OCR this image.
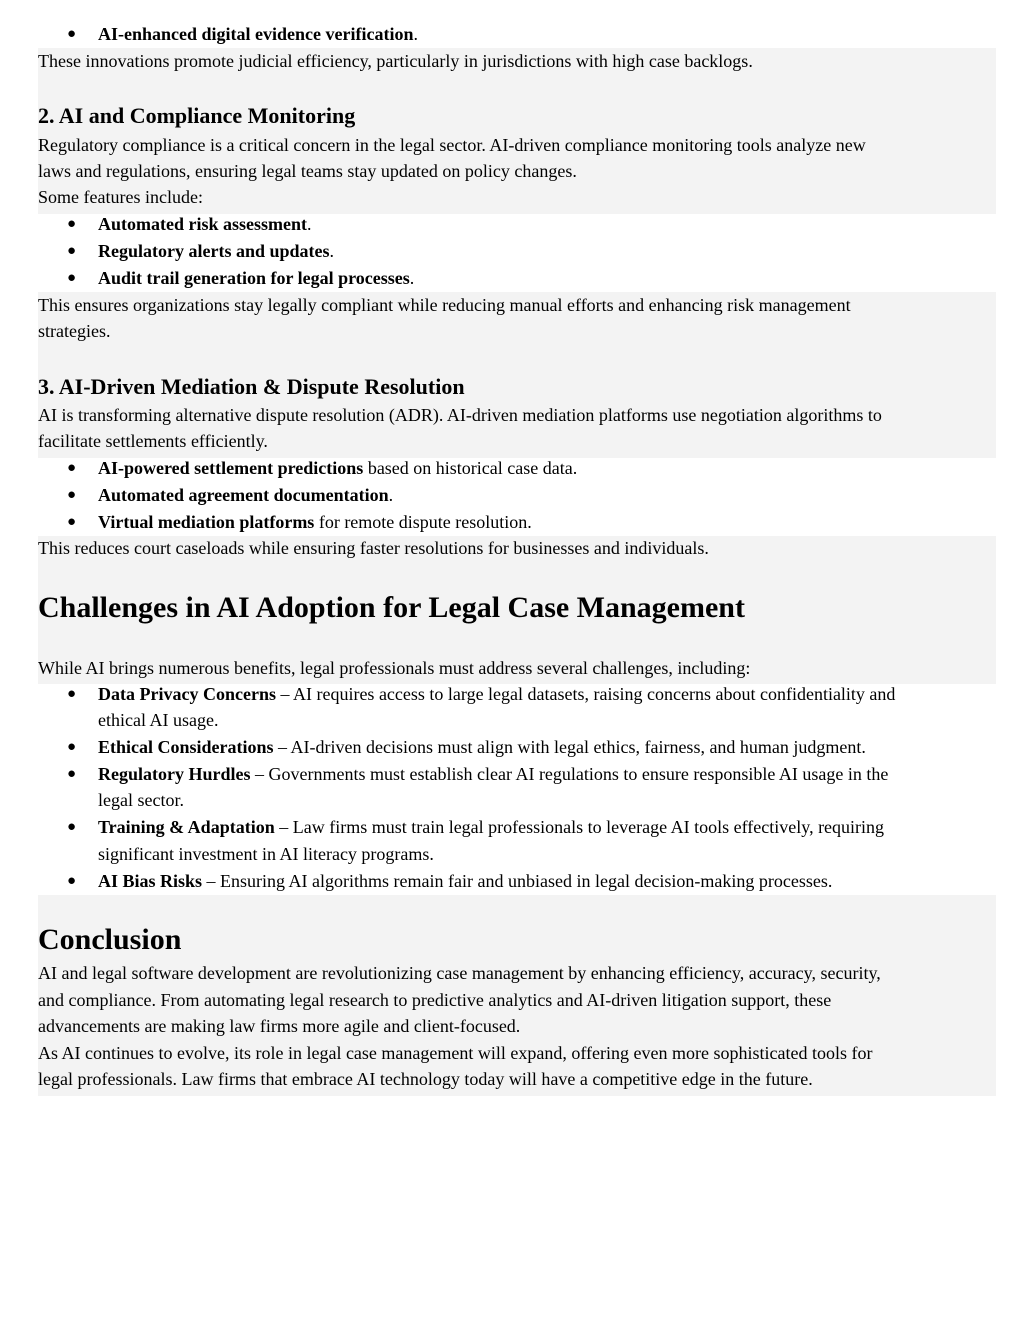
● AI-enhanced digital evidence verification.

These innovations promote judicial efficiency, particularly in jurisdictions with high case backlogs.

2. AI and Compliance Monitoring

Regulatory compliance is a critical concern in the legal sector. AI-driven compliance monitoring tools analyze new

laws and regulations, ensuring legal teams stay updated on policy changes.

Some features include:

● Automated risk assessment.

● Regulatory alerts and updates.

● Audit trail generation for legal processes.

This ensures organizations stay legally compliant while reducing manual efforts and enhancing risk management

strategies.

3. AI-Driven Mediation & Dispute Resolution

AI is transforming alternative dispute resolution (ADR). AI-driven mediation platforms use negotiation algorithms to

facilitate settlements efficiently.

● AI-powered settlement predictions based on historical case data.

● Automated agreement documentation.

● Virtual mediation platforms for remote dispute resolution.

This reduces court caseloads while ensuring faster resolutions for businesses and individuals.

Challenges in AI Adoption for Legal Case Management

While AI brings numerous benefits, legal professionals must address several challenges, including:

● Data Privacy Concerns – AI requires access to large legal datasets, raising concerns about confidentiality and

ethical AI usage.

● Ethical Considerations – AI-driven decisions must align with legal ethics, fairness, and human judgment.

● Regulatory Hurdles – Governments must establish clear AI regulations to ensure responsible AI usage in the

legal sector.

● Training & Adaptation – Law firms must train legal professionals to leverage AI tools effectively, requiring

significant investment in AI literacy programs.

● AI Bias Risks – Ensuring AI algorithms remain fair and unbiased in legal decision-making processes.

Conclusion

AI and legal software development are revolutionizing case management by enhancing efficiency, accuracy, security,

and compliance. From automating legal research to predictive analytics and AI-driven litigation support, these

advancements are making law firms more agile and client-focused.

As AI continues to evolve, its role in legal case management will expand, offering even more sophisticated tools for

legal professionals. Law firms that embrace AI technology today will have a competitive edge in the future.
